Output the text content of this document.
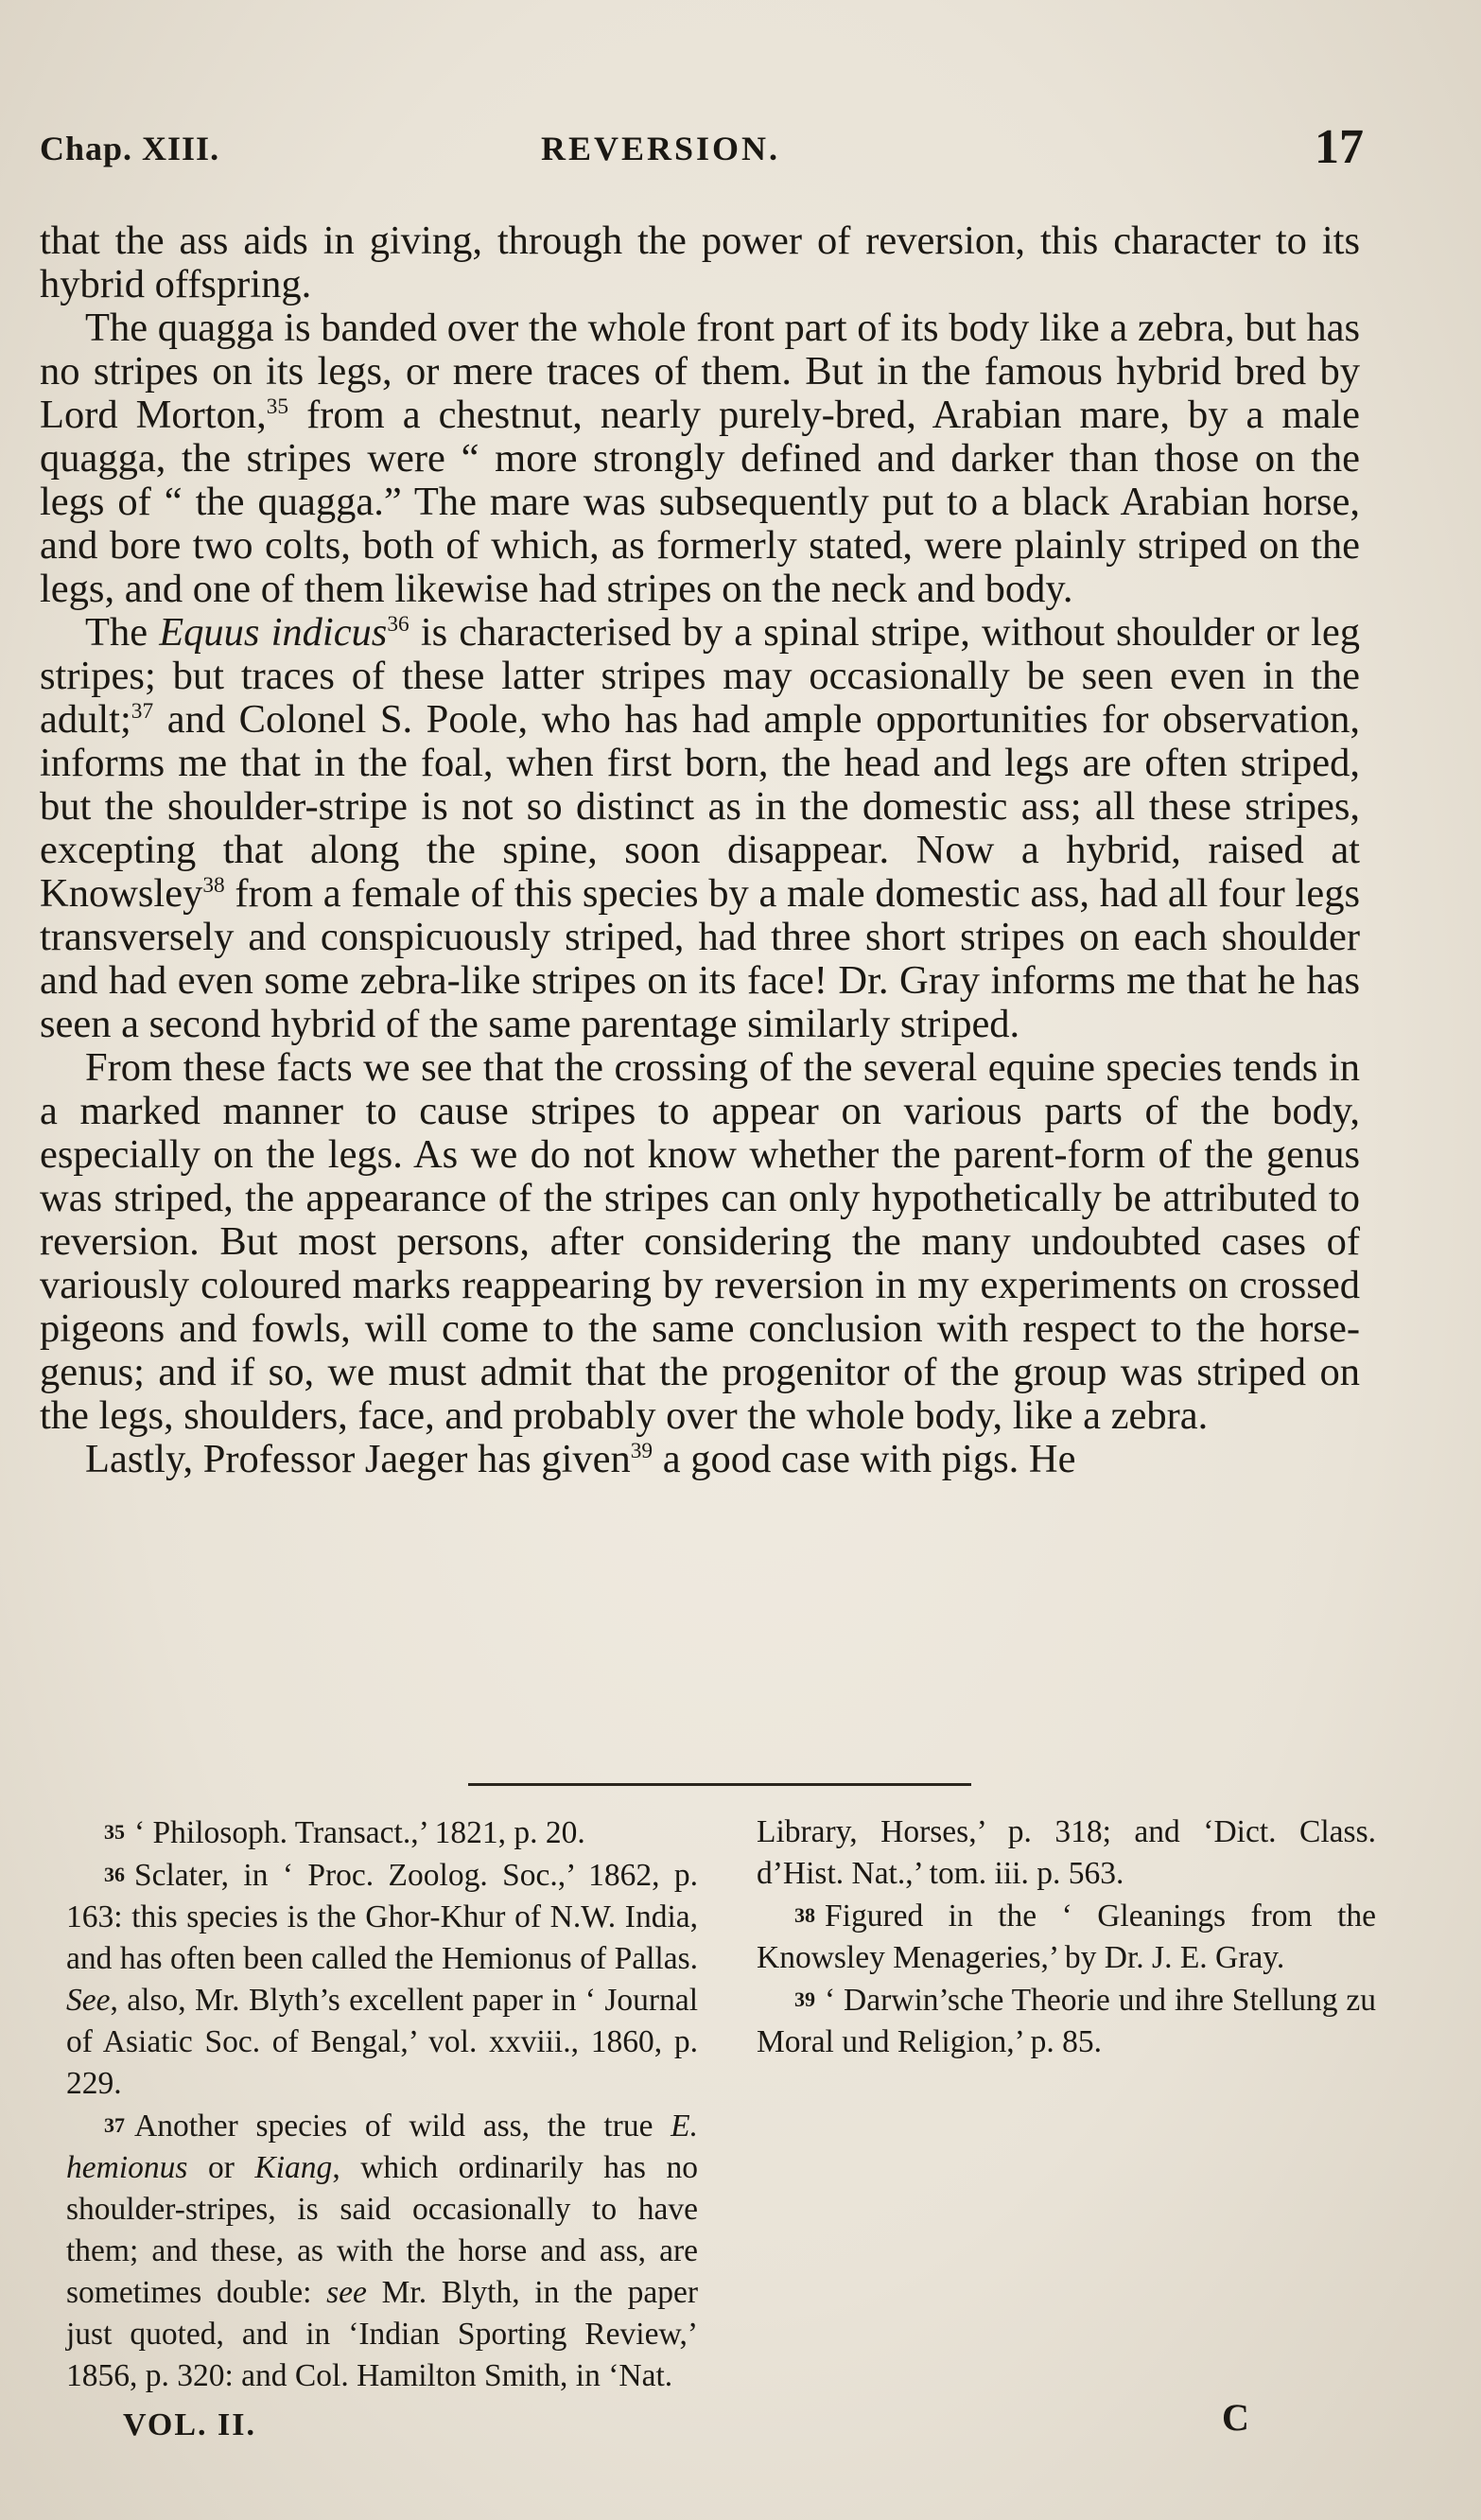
Chap. XIII.	REVERSION.	17

that the ass aids in giving, through the power of reversion, this character to its hybrid offspring.

The quagga is banded over the whole front part of its body like a zebra, but has no stripes on its legs, or mere traces of them. But in the famous hybrid bred by Lord Morton,$^{35}$ from a chestnut, nearly purely-bred, Arabian mare, by a male quagga, the stripes were “ more strongly defined and darker than those on the legs of “ the quagga.” The mare was subsequently put to a black Arabian horse, and bore two colts, both of which, as formerly stated, were plainly striped on the legs, and one of them likewise had stripes on the neck and body.

The Equus indicus$^{36}$ is characterised by a spinal stripe, without shoulder or leg stripes; but traces of these latter stripes may occasionally be seen even in the adult;$^{37}$ and Colonel S. Poole, who has had ample opportunities for observation, informs me that in the foal, when first born, the head and legs are often striped, but the shoulder-stripe is not so distinct as in the domestic ass; all these stripes, excepting that along the spine, soon disappear. Now a hybrid, raised at Knowsley$^{38}$ from a female of this species by a male domestic ass, had all four legs transversely and conspicuously striped, had three short stripes on each shoulder and had even some zebra-like stripes on its face! Dr. Gray informs me that he has seen a second hybrid of the same parentage similarly striped.

From these facts we see that the crossing of the several equine species tends in a marked manner to cause stripes to appear on various parts of the body, especially on the legs. As we do not know whether the parent-form of the genus was striped, the appearance of the stripes can only hypothetically be attributed to reversion. But most persons, after considering the many undoubted cases of variously coloured marks reappearing by reversion in my experiments on crossed pigeons and fowls, will come to the same conclusion with respect to the horse-genus; and if so, we must admit that the progenitor of the group was striped on the legs, shoulders, face, and probably over the whole body, like a zebra.

Lastly, Professor Jaeger has given$^{39}$ a good case with pigs. He

35 ‘ Philosoph. Transact.,’ 1821, p. 20.

36 Sclater, in ‘ Proc. Zoolog. Soc.,’ 1862, p. 163: this species is the Ghor-Khur of N.W. India, and has often been called the Hemionus of Pallas. See, also, Mr. Blyth’s excellent paper in ‘ Journal of Asiatic Soc. of Bengal,’ vol. xxviii., 1860, p. 229.

37 Another species of wild ass, the true E. hemionus or Kiang, which ordinarily has no shoulder-stripes, is said occasionally to have them; and these, as with the horse and ass, are sometimes double: see Mr. Blyth, in the paper just quoted, and in ‘Indian Sporting Review,’ 1856, p. 320: and Col. Hamilton Smith, in ‘Nat.

Library, Horses,’ p. 318; and ‘Dict. Class. d’Hist. Nat.,’ tom. iii. p. 563.

38 Figured in the ‘ Gleanings from the Knowsley Menageries,’ by Dr. J. E. Gray.

39 ‘ Darwin’sche Theorie und ihre Stellung zu Moral und Religion,’ p. 85.

VOL. II.	C
